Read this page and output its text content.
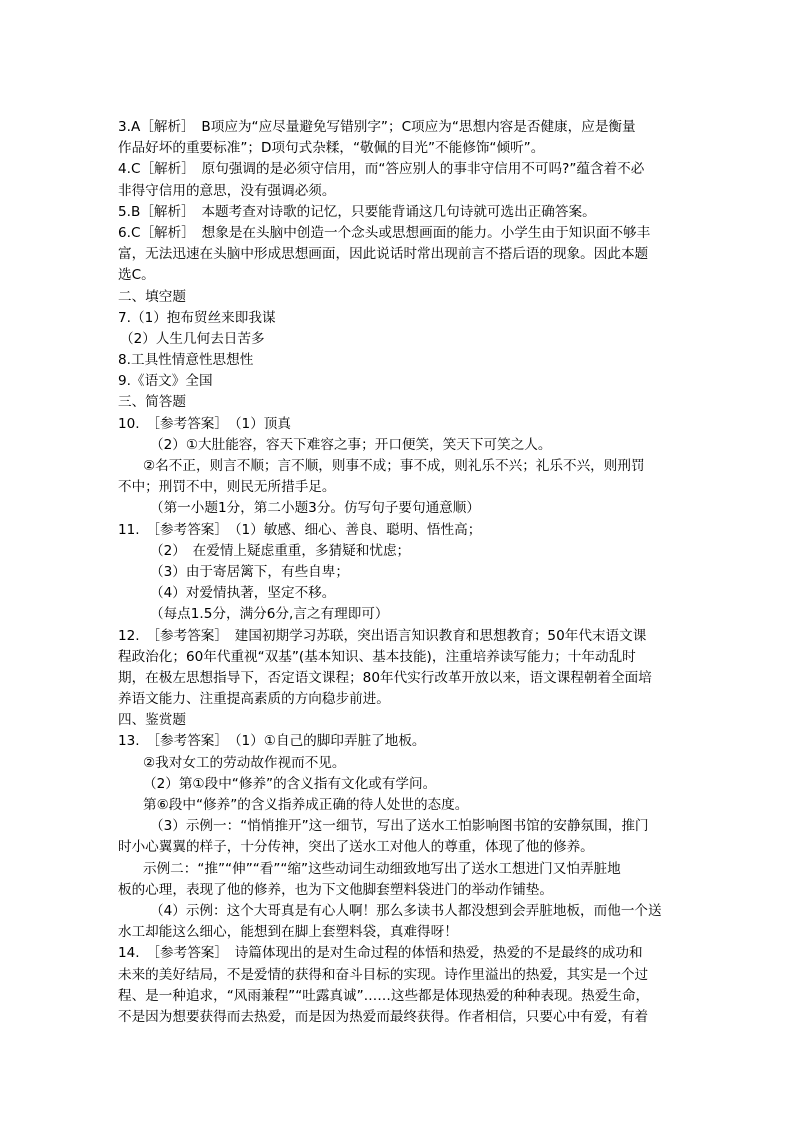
3.A［解析］　B项应为“应尽量避免写错别字”；C项应为“思想内容是否健康，应是衡量
作品好坏的重要标准”；D项句式杂糅，“敬佩的目光”不能修饰“倾听”。
4.C［解析］　原句强调的是必须守信用，而“答应别人的事非守信用不可吗?”蕴含着不必
非得守信用的意思，没有强调必须。
5.B［解析］　本题考查对诗歌的记忆，只要能背诵这几句诗就可选出正确答案。
6.C［解析］　想象是在头脑中创造一个念头或思想画面的能力。小学生由于知识面不够丰
富，无法迅速在头脑中形成思想画面，因此说话时常出现前言不搭后语的现象。因此本题
选C。
二、填空题
7.（1）抱布贸丝来即我谋
（2）人生几何去日苦多
8.工具性情意性思想性
9.《语文》全国
三、简答题
10.　［参考答案］　（1）顶真
（2）①大肚能容，容天下难容之事；开口便笑，笑天下可笑之人。
②名不正，则言不顺；言不顺，则事不成；事不成，则礼乐不兴；礼乐不兴，则刑罚
不中；刑罚不中，则民无所措手足。
（第一小题1分，第二小题3分。仿写句子要句通意顺）
11.　［参考答案］　（1）敏感、细心、善良、聪明、悟性高；
（2）　在爱情上疑虑重重，多猜疑和忧虑；
（3）由于寄居篱下，有些自卑；
（4）对爱情执著，坚定不移。
（每点1.5分，满分6分,言之有理即可）
12.　［参考答案］　建国初期学习苏联，突出语言知识教育和思想教育；50年代末语文课
程政治化；60年代重视“双基”(基本知识、基本技能)，注重培养读写能力；十年动乱时
期，在极左思想指导下，否定语文课程；80年代实行改革开放以来，语文课程朝着全面培
养语文能力、注重提高素质的方向稳步前进。
四、鉴赏题
13.　［参考答案］　（1）①自己的脚印弄脏了地板。
②我对女工的劳动故作视而不见。
（2）第①段中“修养”的含义指有文化或有学问。
第⑥段中“修养”的含义指养成正确的待人处世的态度。
（3）示例一：“悄悄推开”这一细节，写出了送水工怕影响图书馆的安静氛围，推门
时小心翼翼的样子，十分传神，突出了送水工对他人的尊重，体现了他的修养。
示例二：“推”“伸”“看”“缩”这些动词生动细致地写出了送水工想进门又怕弄脏地
板的心理，表现了他的修养，也为下文他脚套塑料袋进门的举动作铺垫。
（4）示例：这个大哥真是有心人啊！那么多读书人都没想到会弄脏地板，而他一个送
水工却能这么细心，能想到在脚上套塑料袋，真难得呀！
14.　［参考答案］　诗篇体现出的是对生命过程的体悟和热爱，热爱的不是最终的成功和
未来的美好结局，不是爱情的获得和奋斗目标的实现。诗作里溢出的热爱，其实是一个过
程、是一种追求，“风雨兼程”“吐露真诚”……这些都是体现热爱的种种表现。热爱生命，
不是因为想要获得而去热爱，而是因为热爱而最终获得。作者相信，只要心中有爱，有着
